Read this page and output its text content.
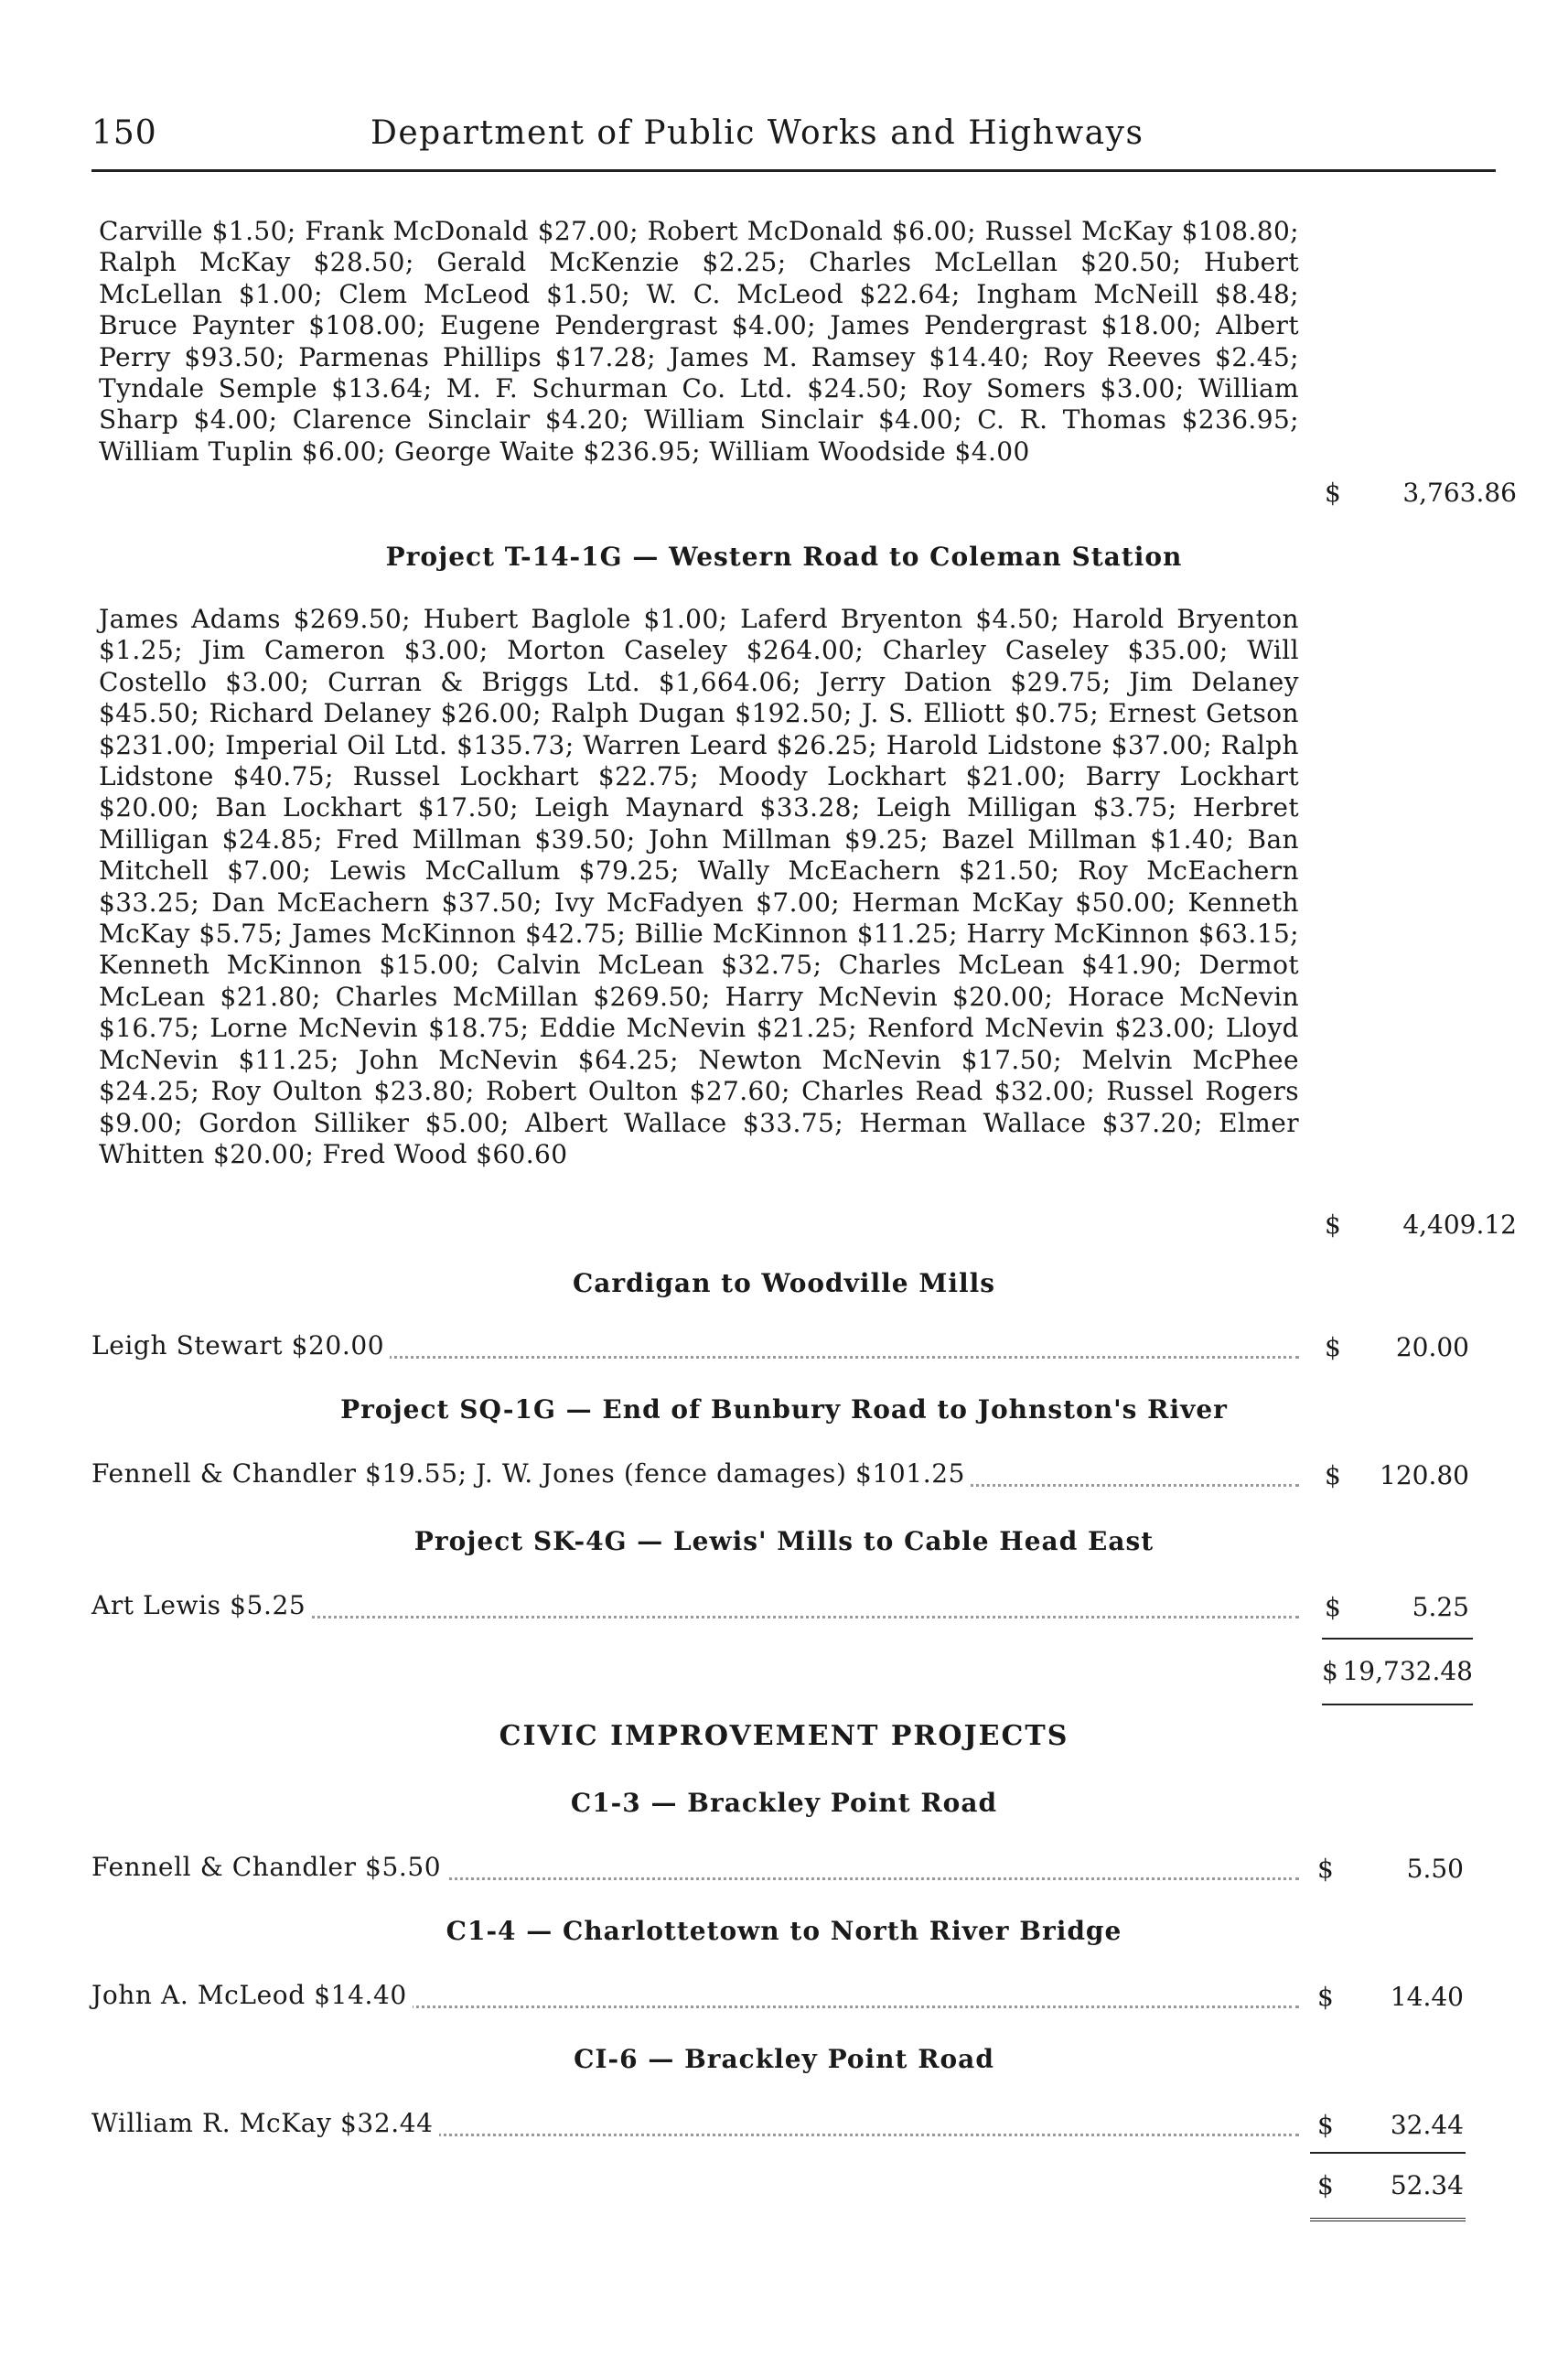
150	Department of Public Works and Highways
Carville $1.50; Frank McDonald $27.00; Robert McDonald $6.00; Russel McKay $108.80; Ralph McKay $28.50; Gerald McKenzie $2.25; Charles McLellan $20.50; Hubert McLellan $1.00; Clem McLeod $1.50; W. C. McLeod $22.64; Ingham McNeill $8.48; Bruce Paynter $108.00; Eugene Pendergrast $4.00; James Pendergrast $18.00; Albert Perry $93.50; Parmenas Phillips $17.28; James M. Ramsey $14.40; Roy Reeves $2.45; Tyndale Semple $13.64; M. F. Schurman Co. Ltd. $24.50; Roy Somers $3.00; William Sharp $4.00; Clarence Sinclair $4.20; William Sinclair $4.00; C. R. Thomas $236.95; William Tuplin $6.00; George Waite $236.95; William Woodside $4.00
$ 3,763.86
Project T-14-1G — Western Road to Coleman Station
James Adams $269.50; Hubert Baglole $1.00; Laferd Bryenton $4.50; Harold Bryenton $1.25; Jim Cameron $3.00; Morton Caseley $264.00; Charley Caseley $35.00; Will Costello $3.00; Curran & Briggs Ltd. $1,664.06; Jerry Dation $29.75; Jim Delaney $45.50; Richard Delaney $26.00; Ralph Dugan $192.50; J. S. Elliott $0.75; Ernest Getson $231.00; Imperial Oil Ltd. $135.73; Warren Leard $26.25; Harold Lidstone $37.00; Ralph Lidstone $40.75; Russel Lockhart $22.75; Moody Lockhart $21.00; Barry Lockhart $20.00; Ban Lockhart $17.50; Leigh Maynard $33.28; Leigh Milligan $3.75; Herbret Milligan $24.85; Fred Millman $39.50; John Millman $9.25; Bazel Millman $1.40; Ban Mitchell $7.00; Lewis McCallum $79.25; Wally McEachern $21.50; Roy McEachern $33.25; Dan McEachern $37.50; Ivy McFadyen $7.00; Herman McKay $50.00; Kenneth McKay $5.75; James McKinnon $42.75; Billie McKinnon $11.25; Harry McKinnon $63.15; Kenneth McKinnon $15.00; Calvin McLean $32.75; Charles McLean $41.90; Dermot McLean $21.80; Charles McMillan $269.50; Harry McNevin $20.00; Horace McNevin $16.75; Lorne McNevin $18.75; Eddie McNevin $21.25; Renford McNevin $23.00; Lloyd McNevin $11.25; John McNevin $64.25; Newton McNevin $17.50; Melvin McPhee $24.25; Roy Oulton $23.80; Robert Oulton $27.60; Charles Read $32.00; Russel Rogers $9.00; Gordon Silliker $5.00; Albert Wallace $33.75; Herman Wallace $37.20; Elmer Whitten $20.00; Fred Wood $60.60
$ 4,409.12
Cardigan to Woodville Mills
Leigh Stewart $20.00	$ 20.00
Project SQ-1G — End of Bunbury Road to Johnston's River
Fennell & Chandler $19.55; J. W. Jones (fence damages) $101.25	$ 120.80
Project SK-4G — Lewis' Mills to Cable Head East
Art Lewis $5.25	$	5.25
$ 19,732.48
CIVIC IMPROVEMENT PROJECTS
C1-3 — Brackley Point Road
Fennell & Chandler $5.50	$	5.50
C1-4 — Charlottetown to North River Bridge
John A. McLeod $14.40	$ 14.40
CI-6 — Brackley Point Road
William R. McKay $32.44	$ 32.44
$ 52.34
